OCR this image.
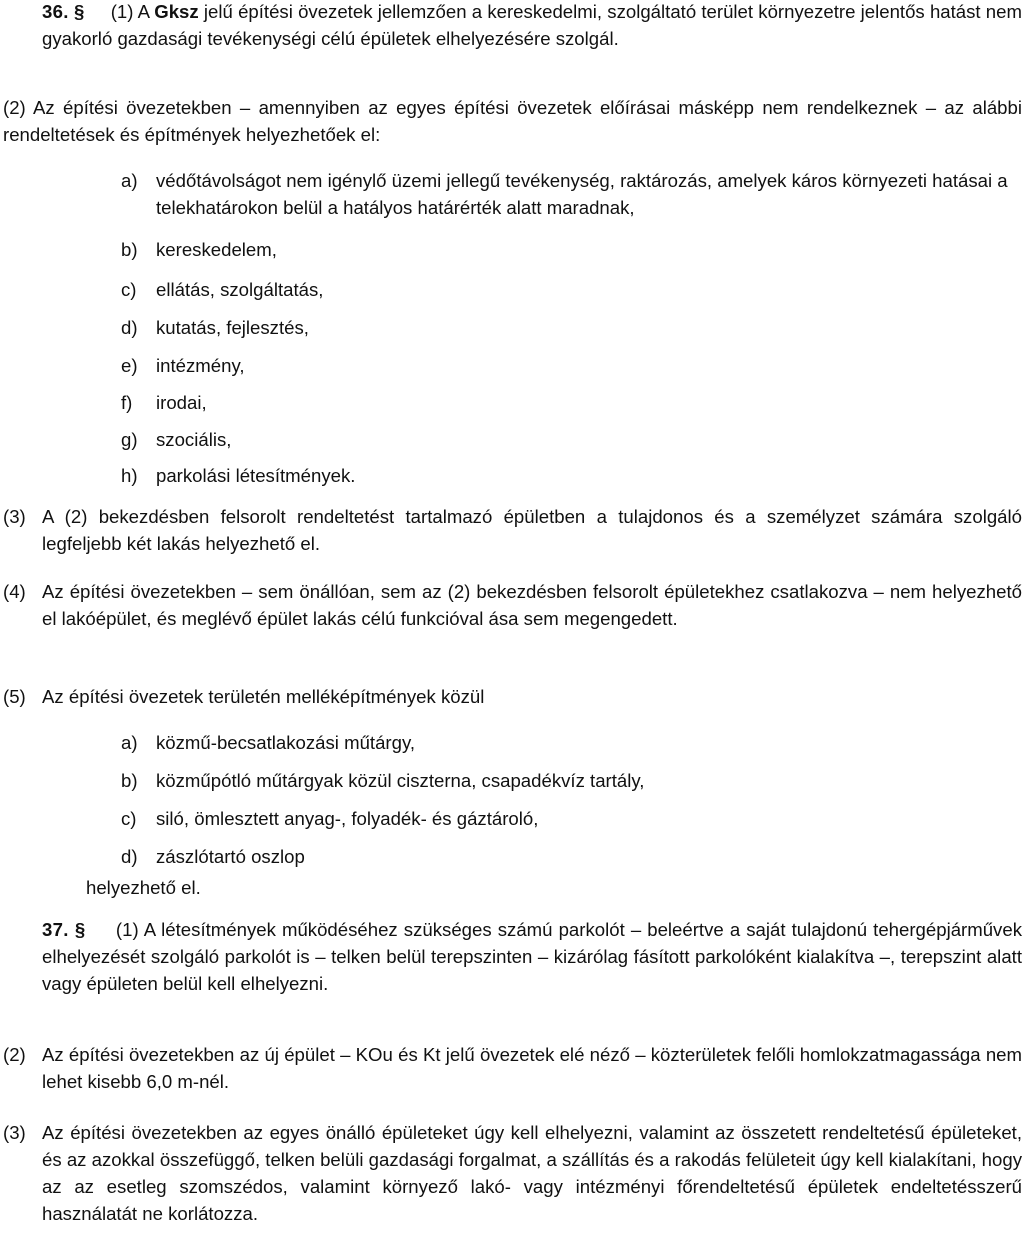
36. § (1) A Gksz jelű építési övezetek jellemzően a kereskedelmi, szolgáltató terület környezetre jelentős hatást nem gyakorló gazdasági tevékenységi célú épületek elhelyezésére szolgál.
(2) Az építési övezetekben – amennyiben az egyes építési övezetek előírásai másképp nem rendelkeznek – az alábbi rendeltetések és építmények helyezhetőek el:
a) védőtávolságot nem igénylő üzemi jellegű tevékenység, raktározás, amelyek káros környezeti hatásai a telekhatárokon belül a hatályos határérték alatt maradnak,
b) kereskedelem,
c)	ellátás, szolgáltatás,
d) kutatás, fejlesztés,
e) intézmény,
f)	irodai,
g) szociális,
h) parkolási létesítmények.
(3) A (2) bekezdésben felsorolt rendeltetést tartalmazó épületben a tulajdonos és a személyzet számára szolgáló legfeljebb két lakás helyezhető el.
(4) Az építési övezetekben – sem önállóan, sem az (2) bekezdésben felsorolt épületekhez csatlakozva – nem helyezhető el lakóépület, és meglévő épület lakás célú funkcióval ása sem megengedett.
(5) Az építési övezetek területén melléképítmények közül
a) közmű-becsatlakozási műtárgy,
b) közműpótló műtárgyak közül ciszterna, csapadékvíz tartály,
c)	siló, ömlesztett anyag-, folyadék- és gáztároló,
d) zászlótartó oszlop
helyezhető el.
37. § (1) A létesítmények működéséhez szükséges számú parkolót – beleértve a saját tulajdonú tehergépjárművek elhelyezését szolgáló parkolót is – telken belül terepszinten – kizárólag fásított parkolóként kialakítva –, terepszint alatt vagy épületen belül kell elhelyezni.
(2) Az építési övezetekben az új épület – KOu és Kt jelű övezetek elé néző – közterületek felőli homlokzatmagassága nem lehet kisebb 6,0 m-nél.
(3) Az építési övezetekben az egyes önálló épületeket úgy kell elhelyezni, valamint az összetett rendeltetésű épületeket, és az azokkal összefüggő, telken belüli gazdasági forgalmat, a szállítás és a rakodás felületeit úgy kell kialakítani, hogy az az esetleg szomszédos, valamint környező lakó- vagy intézményi főrendeltetésű épületek endeltetésszerű használatát ne korlátozza.
